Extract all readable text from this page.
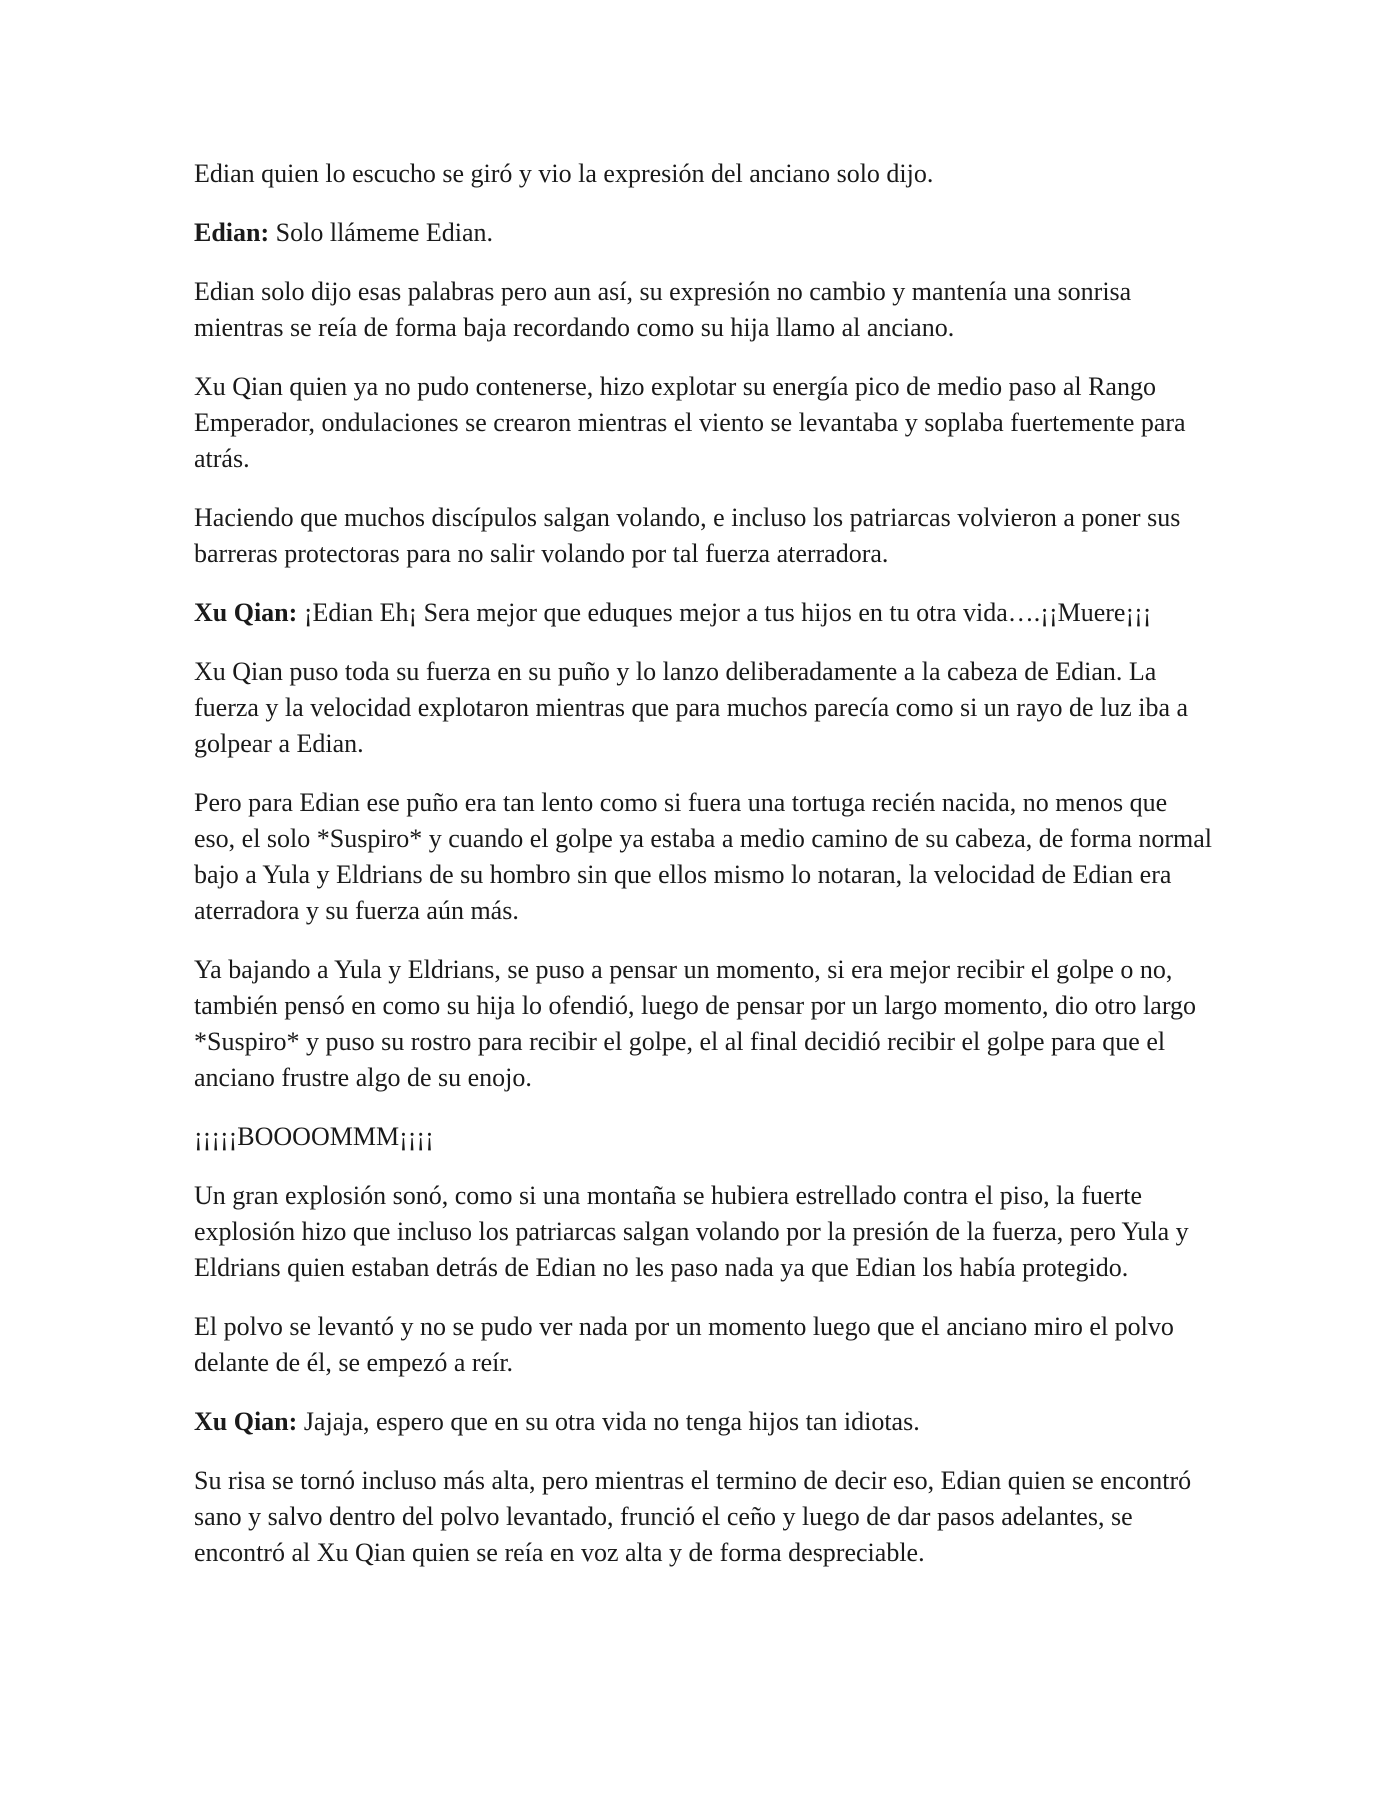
Edian quien lo escucho se giró y vio la expresión del anciano solo dijo.

Edian: Solo llámeme Edian.

Edian solo dijo esas palabras pero aun así, su expresión no cambio y mantenía una sonrisa mientras se reía de forma baja recordando como su hija llamo al anciano.

Xu Qian quien ya no pudo contenerse, hizo explotar su energía pico de medio paso al Rango Emperador, ondulaciones se crearon mientras el viento se levantaba y soplaba fuertemente para atrás.

Haciendo que muchos discípulos salgan volando, e incluso los patriarcas volvieron a poner sus barreras protectoras para no salir volando por tal fuerza aterradora.

Xu Qian: ¡Edian Eh¡ Sera mejor que eduques mejor a tus hijos en tu otra vida….¡¡Muere¡¡¡

Xu Qian puso toda su fuerza en su puño y lo lanzo deliberadamente a la cabeza de Edian. La fuerza y la velocidad explotaron mientras que para muchos parecía como si un rayo de luz iba a golpear a Edian.

Pero para Edian ese puño era tan lento como si fuera una tortuga recién nacida, no menos que eso, el solo *Suspiro* y cuando el golpe ya estaba a medio camino de su cabeza, de forma normal bajo a Yula y Eldrians de su hombro sin que ellos mismo lo notaran, la velocidad de Edian era aterradora y su fuerza aún más.

Ya bajando a Yula y Eldrians, se puso a pensar un momento, si era mejor recibir el golpe o no, también pensó en como su hija lo ofendió, luego de pensar por un largo momento, dio otro largo *Suspiro* y puso su rostro para recibir el golpe, el al final decidió recibir el golpe para que el anciano frustre algo de su enojo.

¡¡¡¡¡BOOOOMMM¡¡¡¡

Un gran explosión sonó, como si una montaña se hubiera estrellado contra el piso, la fuerte explosión hizo que incluso los patriarcas salgan volando por la presión de la fuerza, pero Yula y Eldrians quien estaban detrás de Edian no les paso nada ya que Edian los había protegido.

El polvo se levantó y no se pudo ver nada por un momento luego que el anciano miro el polvo delante de él, se empezó a reír.

Xu Qian: Jajaja, espero que en su otra vida no tenga hijos tan idiotas.

Su risa se tornó incluso más alta, pero mientras el termino de decir eso, Edian quien se encontró sano y salvo dentro del polvo levantado, frunció el ceño y luego de dar pasos adelantes, se encontró al Xu Qian quien se reía en voz alta y de forma despreciable.
